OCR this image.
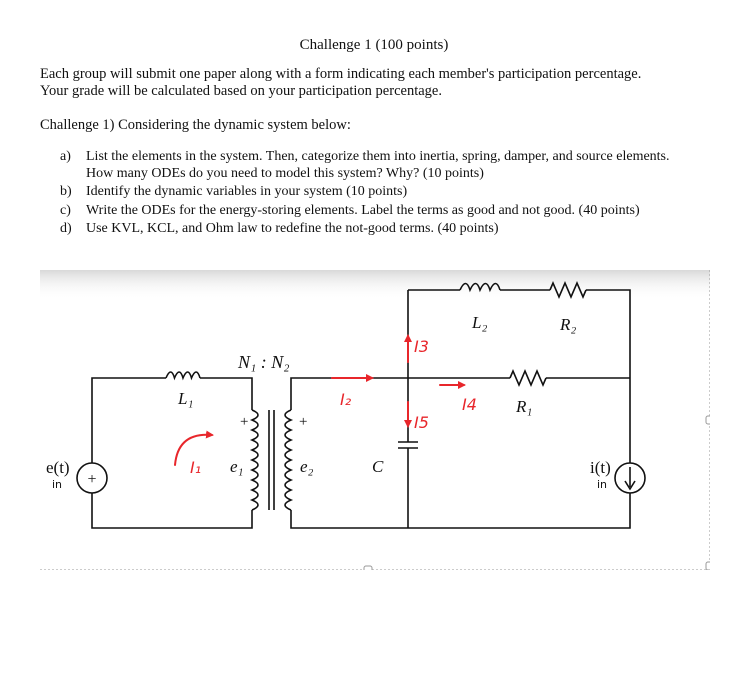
Challenge 1 (100 points)
Each group will submit one paper along with a form indicating each member's participation percentage.
Your grade will be calculated based on your participation percentage.
Challenge 1) Considering the dynamic system below:
a)	List the elements in the system. Then, categorize them into inertia, spring, damper, and source elements. How many ODEs do you need to model this system? Why? (10 points)
b)	Identify the dynamic variables in your system (10 points)
c)	Write the ODEs for the energy-storing elements. Label the terms as good and not good. (40 points)
d)	Use KVL, KCL, and Ohm law to redefine the not-good terms. (40 points)
+
e(t)
in
L₁
N₁ : N₂
+	+
e₁	e₂	C
L₂	R₂
R₁
i(t)
in
I₁
I₂
I3
I4
I5
